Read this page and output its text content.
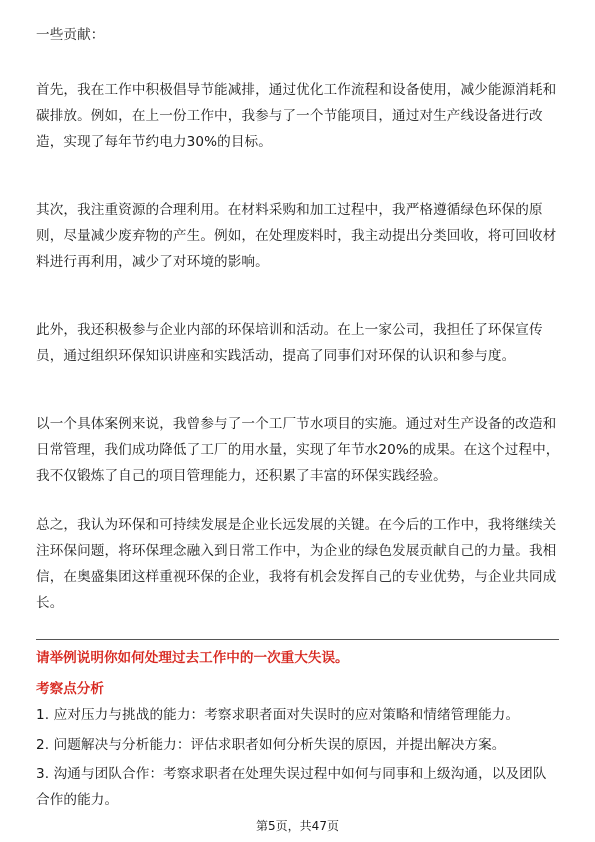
一些贡献：

首先，我在工作中积极倡导节能减排，通过优化工作流程和设备使用，减少能源消耗和碳排放。例如，在上一份工作中，我参与了一个节能项目，通过对生产线设备进行改造，实现了每年节约电力30%的目标。

其次，我注重资源的合理利用。在材料采购和加工过程中，我严格遵循绿色环保的原则，尽量减少废弃物的产生。例如，在处理废料时，我主动提出分类回收，将可回收材料进行再利用，减少了对环境的影响。

此外，我还积极参与企业内部的环保培训和活动。在上一家公司，我担任了环保宣传员，通过组织环保知识讲座和实践活动，提高了同事们对环保的认识和参与度。

以一个具体案例来说，我曾参与了一个工厂节水项目的实施。通过对生产设备的改造和日常管理，我们成功降低了工厂的用水量，实现了年节水20%的成果。在这个过程中，我不仅锻炼了自己的项目管理能力，还积累了丰富的环保实践经验。

总之，我认为环保和可持续发展是企业长远发展的关键。在今后的工作中，我将继续关注环保问题，将环保理念融入到日常工作中，为企业的绿色发展贡献自己的力量。我相信，在奥盛集团这样重视环保的企业，我将有机会发挥自己的专业优势，与企业共同成长。

请举例说明你如何处理过去工作中的一次重大失误。

考察点分析

1. 应对压力与挑战的能力：考察求职者面对失误时的应对策略和情绪管理能力。

2. 问题解决与分析能力：评估求职者如何分析失误的原因，并提出解决方案。

3. 沟通与团队合作：考察求职者在处理失误过程中如何与同事和上级沟通，以及团队合作的能力。

第5页，共47页
